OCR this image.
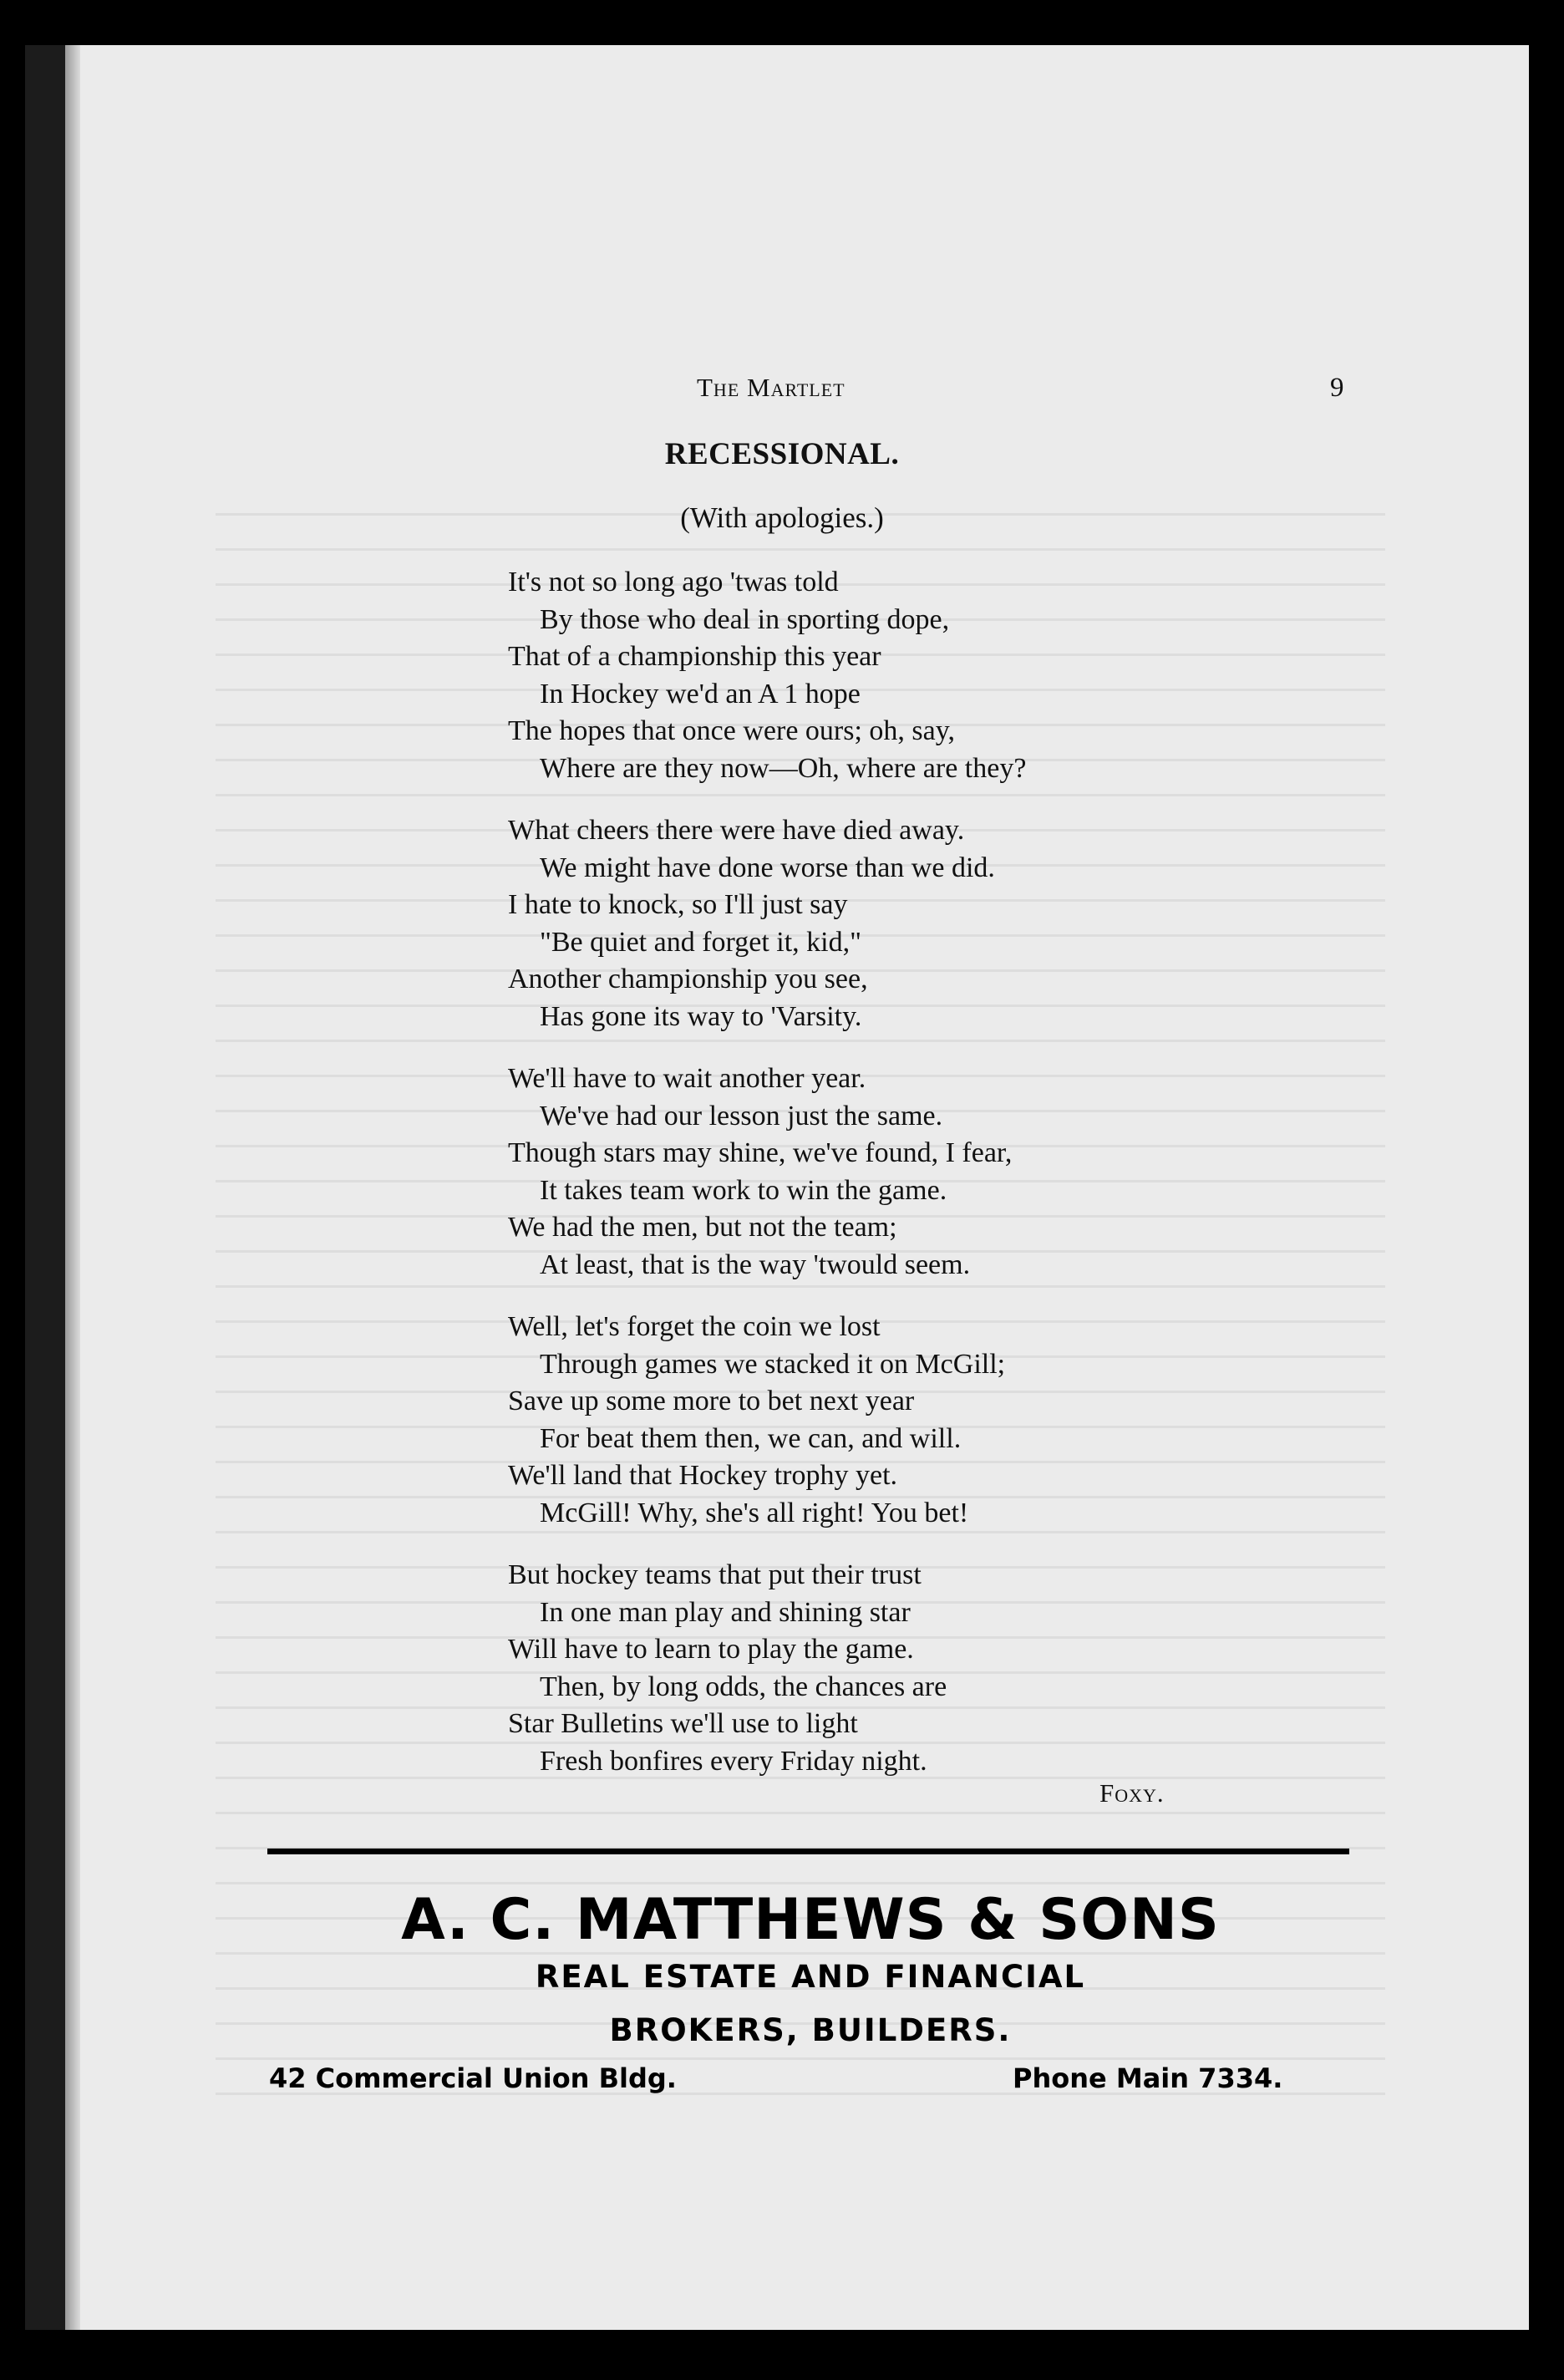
The Martlet	9
RECESSIONAL.
(With apologies.)
It's not so long ago 'twas told
By those who deal in sporting dope,
That of a championship this year
In Hockey we'd an A 1 hope
The hopes that once were ours; oh, say,
Where are they now—Oh, where are they?
What cheers there were have died away.
We might have done worse than we did.
I hate to knock, so I'll just say
"Be quiet and forget it, kid,"
Another championship you see,
Has gone its way to 'Varsity.
We'll have to wait another year.
We've had our lesson just the same.
Though stars may shine, we've found, I fear,
It takes team work to win the game.
We had the men, but not the team;
At least, that is the way 'twould seem.
Well, let's forget the coin we lost
Through games we stacked it on McGill;
Save up some more to bet next year
For beat them then, we can, and will.
We'll land that Hockey trophy yet.
McGill! Why, she's all right! You bet!
But hockey teams that put their trust
In one man play and shining star
Will have to learn to play the game.
Then, by long odds, the chances are
Star Bulletins we'll use to light
Fresh bonfires every Friday night.
Foxy.
A. C. MATTHEWS & SONS
REAL ESTATE AND FINANCIAL
BROKERS, BUILDERS.
42 Commercial Union Bldg.	Phone Main 7334.
